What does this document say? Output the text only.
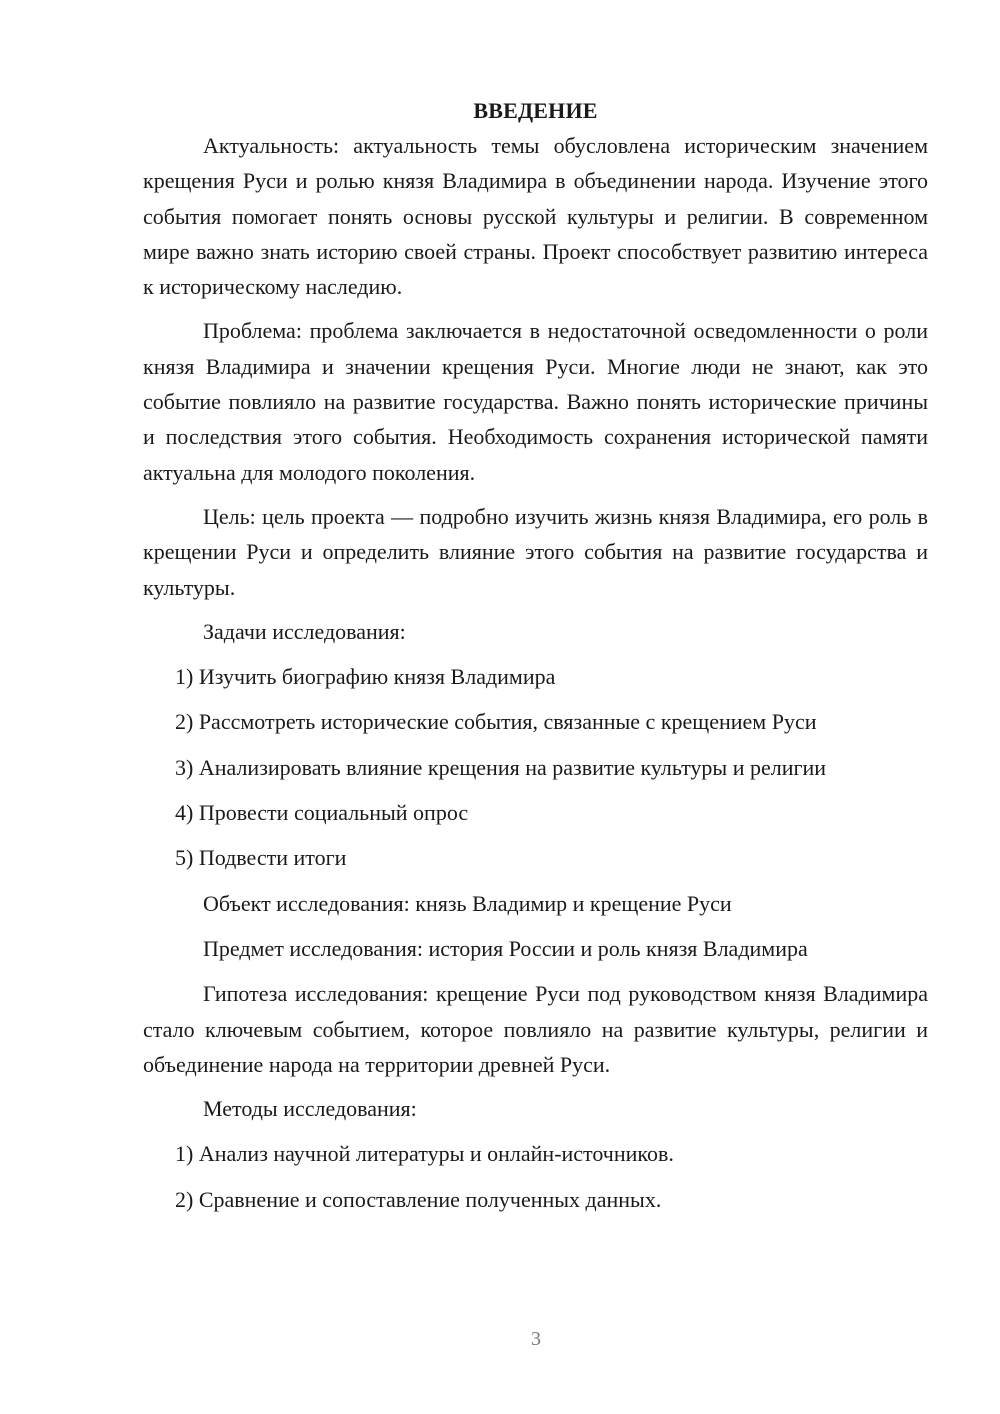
ВВЕДЕНИЕ

Актуальность: актуальность темы обусловлена историческим значением крещения Руси и ролью князя Владимира в объединении народа. Изучение этого события помогает понять основы русской культуры и религии. В современном мире важно знать историю своей страны. Проект способствует развитию интереса к историческому наследию.

Проблема: проблема заключается в недостаточной осведомленности о роли князя Владимира и значении крещения Руси. Многие люди не знают, как это событие повлияло на развитие государства. Важно понять исторические причины и последствия этого события. Необходимость сохранения исторической памяти актуальна для молодого поколения.

Цель: цель проекта — подробно изучить жизнь князя Владимира, его роль в крещении Руси и определить влияние этого события на развитие государства и культуры.

Задачи исследования:
1) Изучить биографию князя Владимира
2) Рассмотреть исторические события, связанные с крещением Руси
3) Анализировать влияние крещения на развитие культуры и религии
4) Провести социальный опрос
5) Подвести итоги
Объект исследования: князь Владимир и крещение Руси
Предмет исследования: история России и роль князя Владимира

Гипотеза исследования: крещение Руси под руководством князя Владимира стало ключевым событием, которое повлияло на развитие культуры, религии и объединение народа на территории древней Руси.

Методы исследования:
1) Анализ научной литературы и онлайн-источников.
2) Сравнение и сопоставление полученных данных.
3
